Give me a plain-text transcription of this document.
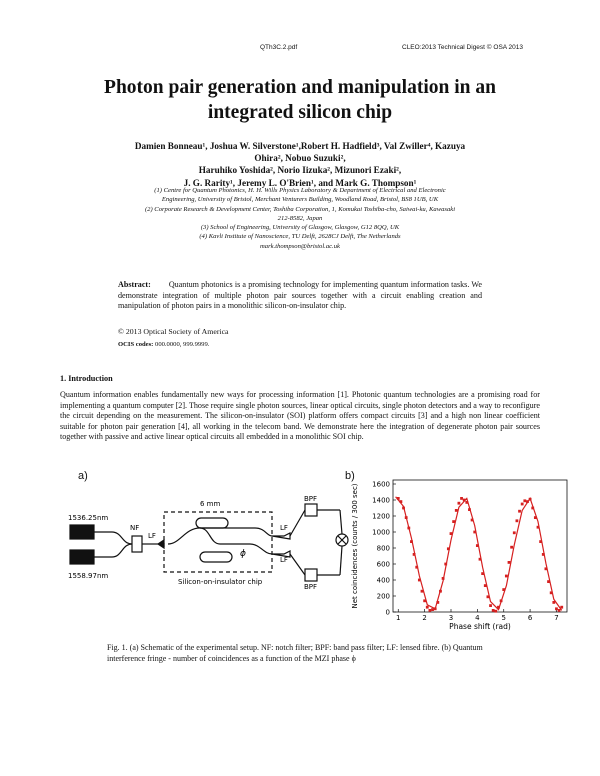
QTh3C.2.pdf	CLEO:2013 Technical Digest © OSA 2013
Photon pair generation and manipulation in an integrated silicon chip
Damien Bonneau¹, Joshua W. Silverstone¹,Robert H. Hadfield³, Val Zwiller⁴, Kazuya
Ohira², Nobuo Suzuki²,
Haruhiko Yoshida², Norio Iizuka², Mizunori Ezaki²,
J. G. Rarity¹, Jeremy L. O'Brien¹, and Mark G. Thompson¹
(1) Centre for Quantum Photonics, H. H. Wills Physics Laboratory & Department of Electrical and Electronic
Engineering, University of Bristol, Merchant Venturers Building, Woodland Road, Bristol, BS8 1UB, UK
(2) Corporate Research & Development Center, Toshiba Corporation, 1, Komukai Toshiba-cho, Saiwai-ku, Kawasaki
212-8582, Japan
(3) School of Engineering, University of Glasgow, Glasgow, G12 8QQ, UK
(4) Kavli Institute of Nanoscience, TU Delft, 2628CJ Delft, The Netherlands
mark.thompson@bristol.ac.uk
Abstract: Quantum photonics is a promising technology for implementing quantum information tasks. We demonstrate integration of multiple photon pair sources together with a circuit enabling creation and manipulation of photon pairs in a monolithic silicon-on-insulator chip.
© 2013 Optical Society of America
OCIS codes: 000.0000, 999.9999.
1. Introduction
Quantum information enables fundamentally new ways for processing information [1]. Photonic quantum technologies are a promising road for implementing a quantum computer [2]. Those require single photon sources, linear optical circuits, single photon detectors and a way to reconfigure the circuit depending on the measurement. The silicon-on-insulator (SOI) platform offers compact circuits [3] and a high non linear coefficient suitable for photon pair generation [4], all working in the telecom band. We demonstrate here the integration of degenerate photon pair sources together with passive and active linear optical circuits all embedded in a monolithic SOI chip.
a)
1536.25nm
1558.97nm
NF
LF
6 mm
ϕ
LF
LF
BPF
BPF
Silicon-on-insulator chip
b)
1	2	3	4	5	6	7
0
200
400
600
800
1000
1200
1400
1600
Phase shift (rad)
Net coincidences (counts / 300 sec)
Fig. 1. (a) Schematic of the experimental setup. NF: notch filter; BPF: band pass filter; LF: lensed fibre. (b) Quantum interference fringe - number of coincidences as a function of the MZI phase ϕ
